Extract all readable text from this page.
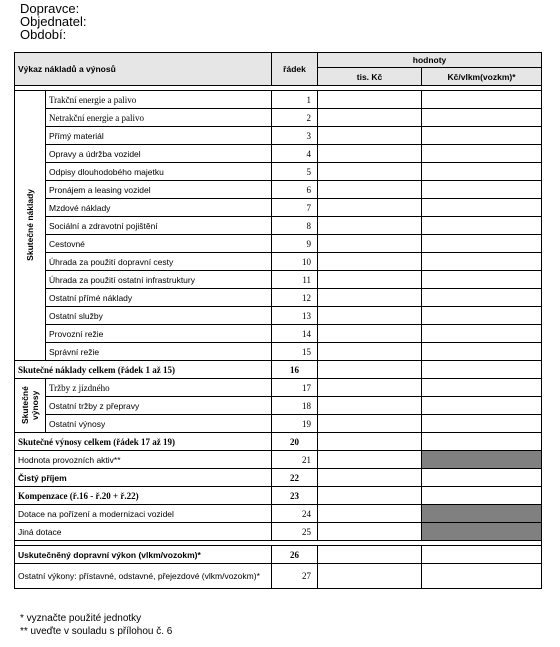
Dopravce:
Objednatel:
Období:
Výkaz nákladů a výnosů		řádek	hodnoty	
			tis. Kč	Kč/vlkm(vozkm)*

Skutečné náklady	Trakční energie a palivo	1		
	Netrakční energie a palivo	2		
	Přímý materiál	3		
	Opravy a údržba vozidel	4		
	Odpisy dlouhodobého majetku	5		
	Pronájem a leasing vozidel	6		
	Mzdové náklady	7		
	Sociální a zdravotní pojištění	8		
	Cestovné	9		
	Úhrada za použití dopravní cesty	10		
	Úhrada za použití ostatní infrastruktury	11		
	Ostatní přímé náklady	12		
	Ostatní služby	13		
	Provozní režie	14		
	Správní režie	15		
Skutečné náklady celkem (řádek 1 až 15)		16		
Skutečné výnosy	Tržby z jízdného	17		
	Ostatní tržby z přepravy	18		
	Ostatní výnosy	19		
Skutečné výnosy celkem (řádek 17 až 19)		20		
Hodnota provozních aktiv**		21		
Čistý příjem		22		
Kompenzace (ř.16 - ř.20 + ř.22)		23		
Dotace na pořízení a modernizaci vozidel		24		
Jiná dotace		25		

Uskutečněný dopravní výkon (vlkm/vozokm)*		26		
Ostatní výkony: přístavné, odstavné, přejezdové (vlkm/vozokm)*		27		
* vyznačte použité jednotky
** uveďte v souladu s přílohou č. 6
